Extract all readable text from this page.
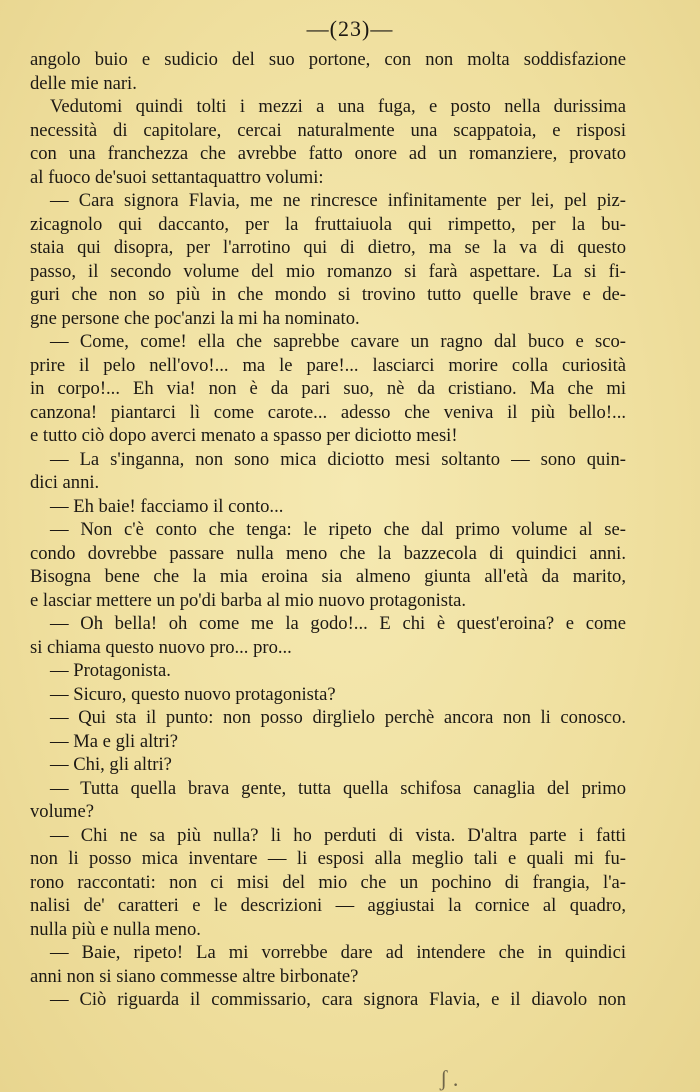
—(23)—
angolo buio e sudicio del suo portone, con non molta soddisfazione
delle mie nari.
Vedutomi quindi tolti i mezzi a una fuga, e posto nella durissima
necessità di capitolare, cercai naturalmente una scappatoia, e risposi
con una franchezza che avrebbe fatto onore ad un romanziere, provato
al fuoco de'suoi settantaquattro volumi:
— Cara signora Flavia, me ne rincresce infinitamente per lei, pel piz-
zicagnolo qui daccanto, per la fruttaiuola qui rimpetto, per la bu-
staia qui disopra, per l'arrotino qui di dietro, ma se la va di questo
passo, il secondo volume del mio romanzo si farà aspettare. La si fi-
guri che non so più in che mondo si trovino tutto quelle brave e de-
gne persone che poc'anzi la mi ha nominato.
— Come, come! ella che saprebbe cavare un ragno dal buco e sco-
prire il pelo nell'ovo!... ma le pare!... lasciarci morire colla curiosità
in corpo!... Eh via! non è da pari suo, nè da cristiano. Ma che mi
canzona! piantarci lì come carote... adesso che veniva il più bello!...
e tutto ciò dopo averci menato a spasso per diciotto mesi!
— La s'inganna, non sono mica diciotto mesi soltanto — sono quin-
dici anni.
— Eh baie! facciamo il conto...
— Non c'è conto che tenga: le ripeto che dal primo volume al se-
condo dovrebbe passare nulla meno che la bazzecola di quindici anni.
Bisogna bene che la mia eroina sia almeno giunta all'età da marito,
e lasciar mettere un po'di barba al mio nuovo protagonista.
— Oh bella! oh come me la godo!... E chi è quest'eroina? e come
si chiama questo nuovo pro... pro...
— Protagonista.
— Sicuro, questo nuovo protagonista?
— Qui sta il punto: non posso dirglielo perchè ancora non li conosco.
— Ma e gli altri?
— Chi, gli altri?
— Tutta quella brava gente, tutta quella schifosa canaglia del primo
volume?
— Chi ne sa più nulla? li ho perduti di vista. D'altra parte i fatti
non li posso mica inventare — li esposi alla meglio tali e quali mi fu-
rono raccontati: non ci misi del mio che un pochino di frangia, l'a-
nalisi de' caratteri e le descrizioni — aggiustai la cornice al quadro,
nulla più e nulla meno.
— Baie, ripeto! La mi vorrebbe dare ad intendere che in quindici
anni non si siano commesse altre birbonate?
— Ciò riguarda il commissario, cara signora Flavia, e il diavolo non
ʃ .
